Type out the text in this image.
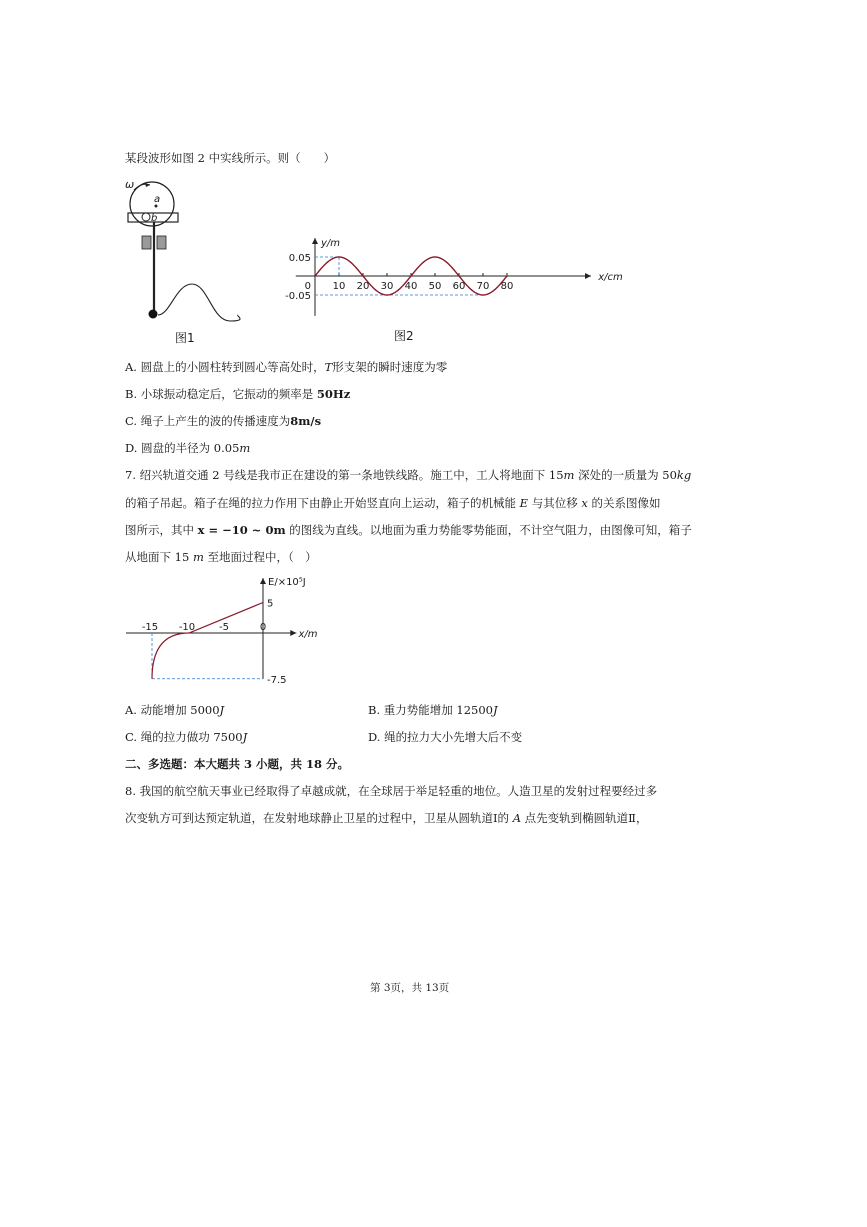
某段波形如图 2 中实线所示。则（　　）
ω
a
b
图1
10 20 30 40 50 60 70 80
y/m
x/cm
0.05
-0.05
0
图2
A. 圆盘上的小圆柱转到圆心等高处时，T形支架的瞬时速度为零
B. 小球振动稳定后，它振动的频率是 50Hz
C. 绳子上产生的波的传播速度为8m/s
D. 圆盘的半径为 0.05m
7. 绍兴轨道交通 2 号线是我市正在建设的第一条地铁线路。施工中，工人将地面下 15m 深处的一质量为 50kg
的箱子吊起。箱子在绳的拉力作用下由静止开始竖直向上运动，箱子的机械能 E 与其位移 x 的关系图像如
图所示，其中 x = −10 ~ 0m 的图线为直线。以地面为重力势能零势能面，不计空气阻力，由图像可知，箱子
从地面下 15 m 至地面过程中，（　）
-15 -10 -5	0
E/×10⁵J
x/m
5
-7.5
A. 动能增加 5000J	B. 重力势能增加 12500J
C. 绳的拉力做功 7500J	D. 绳的拉力大小先增大后不变
二、多选题：本大题共 3 小题，共 18 分。
8. 我国的航空航天事业已经取得了卓越成就，在全球居于举足轻重的地位。人造卫星的发射过程要经过多
次变轨方可到达预定轨道，在发射地球静止卫星的过程中，卫星从圆轨道Ⅰ的 A 点先变轨到椭圆轨道Ⅱ，
第 3页，共 13页
